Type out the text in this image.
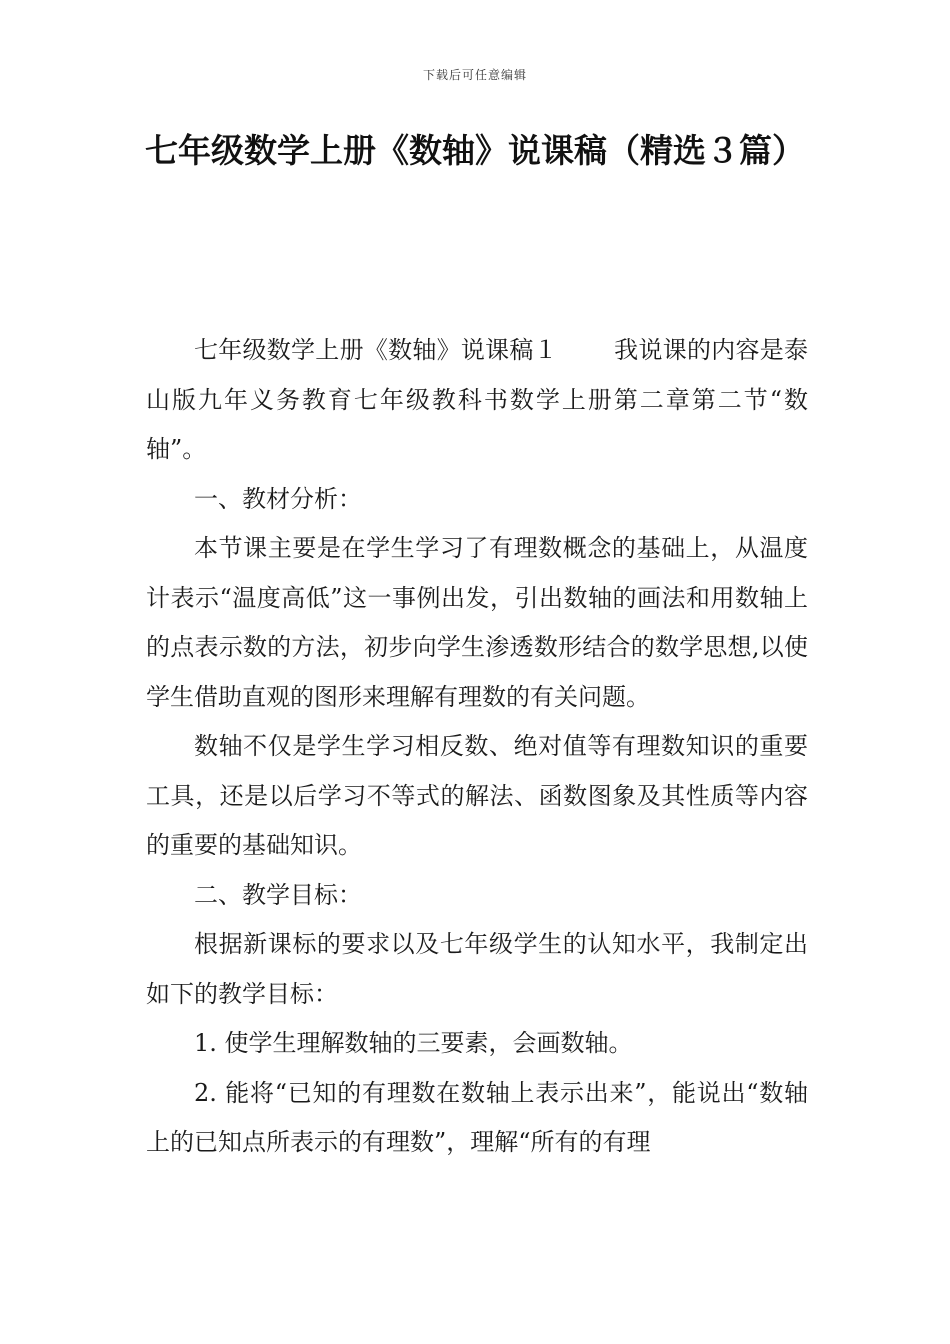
下载后可任意编辑
七年级数学上册《数轴》说课稿（精选３篇）

七年级数学上册《数轴》说课稿１ 我说课的内容是泰山版九年义务教育七年级教科书数学上册第二章第二节“数轴”。

一、教材分析：

本节课主要是在学生学习了有理数概念的基础上，从温度计表示“温度高低”这一事例出发，引出数轴的画法和用数轴上的点表示数的方法，初步向学生渗透数形结合的数学思想,以使学生借助直观的图形来理解有理数的有关问题。

数轴不仅是学生学习相反数、绝对值等有理数知识的重要工具，还是以后学习不等式的解法、函数图象及其性质等内容的重要的基础知识。

二、教学目标：

根据新课标的要求以及七年级学生的认知水平，我制定出如下的教学目标：

1. 使学生理解数轴的三要素，会画数轴。

2. 能将“已知的有理数在数轴上表示出来”，能说出“数轴上的已知点所表示的有理数”，理解“所有的有理
